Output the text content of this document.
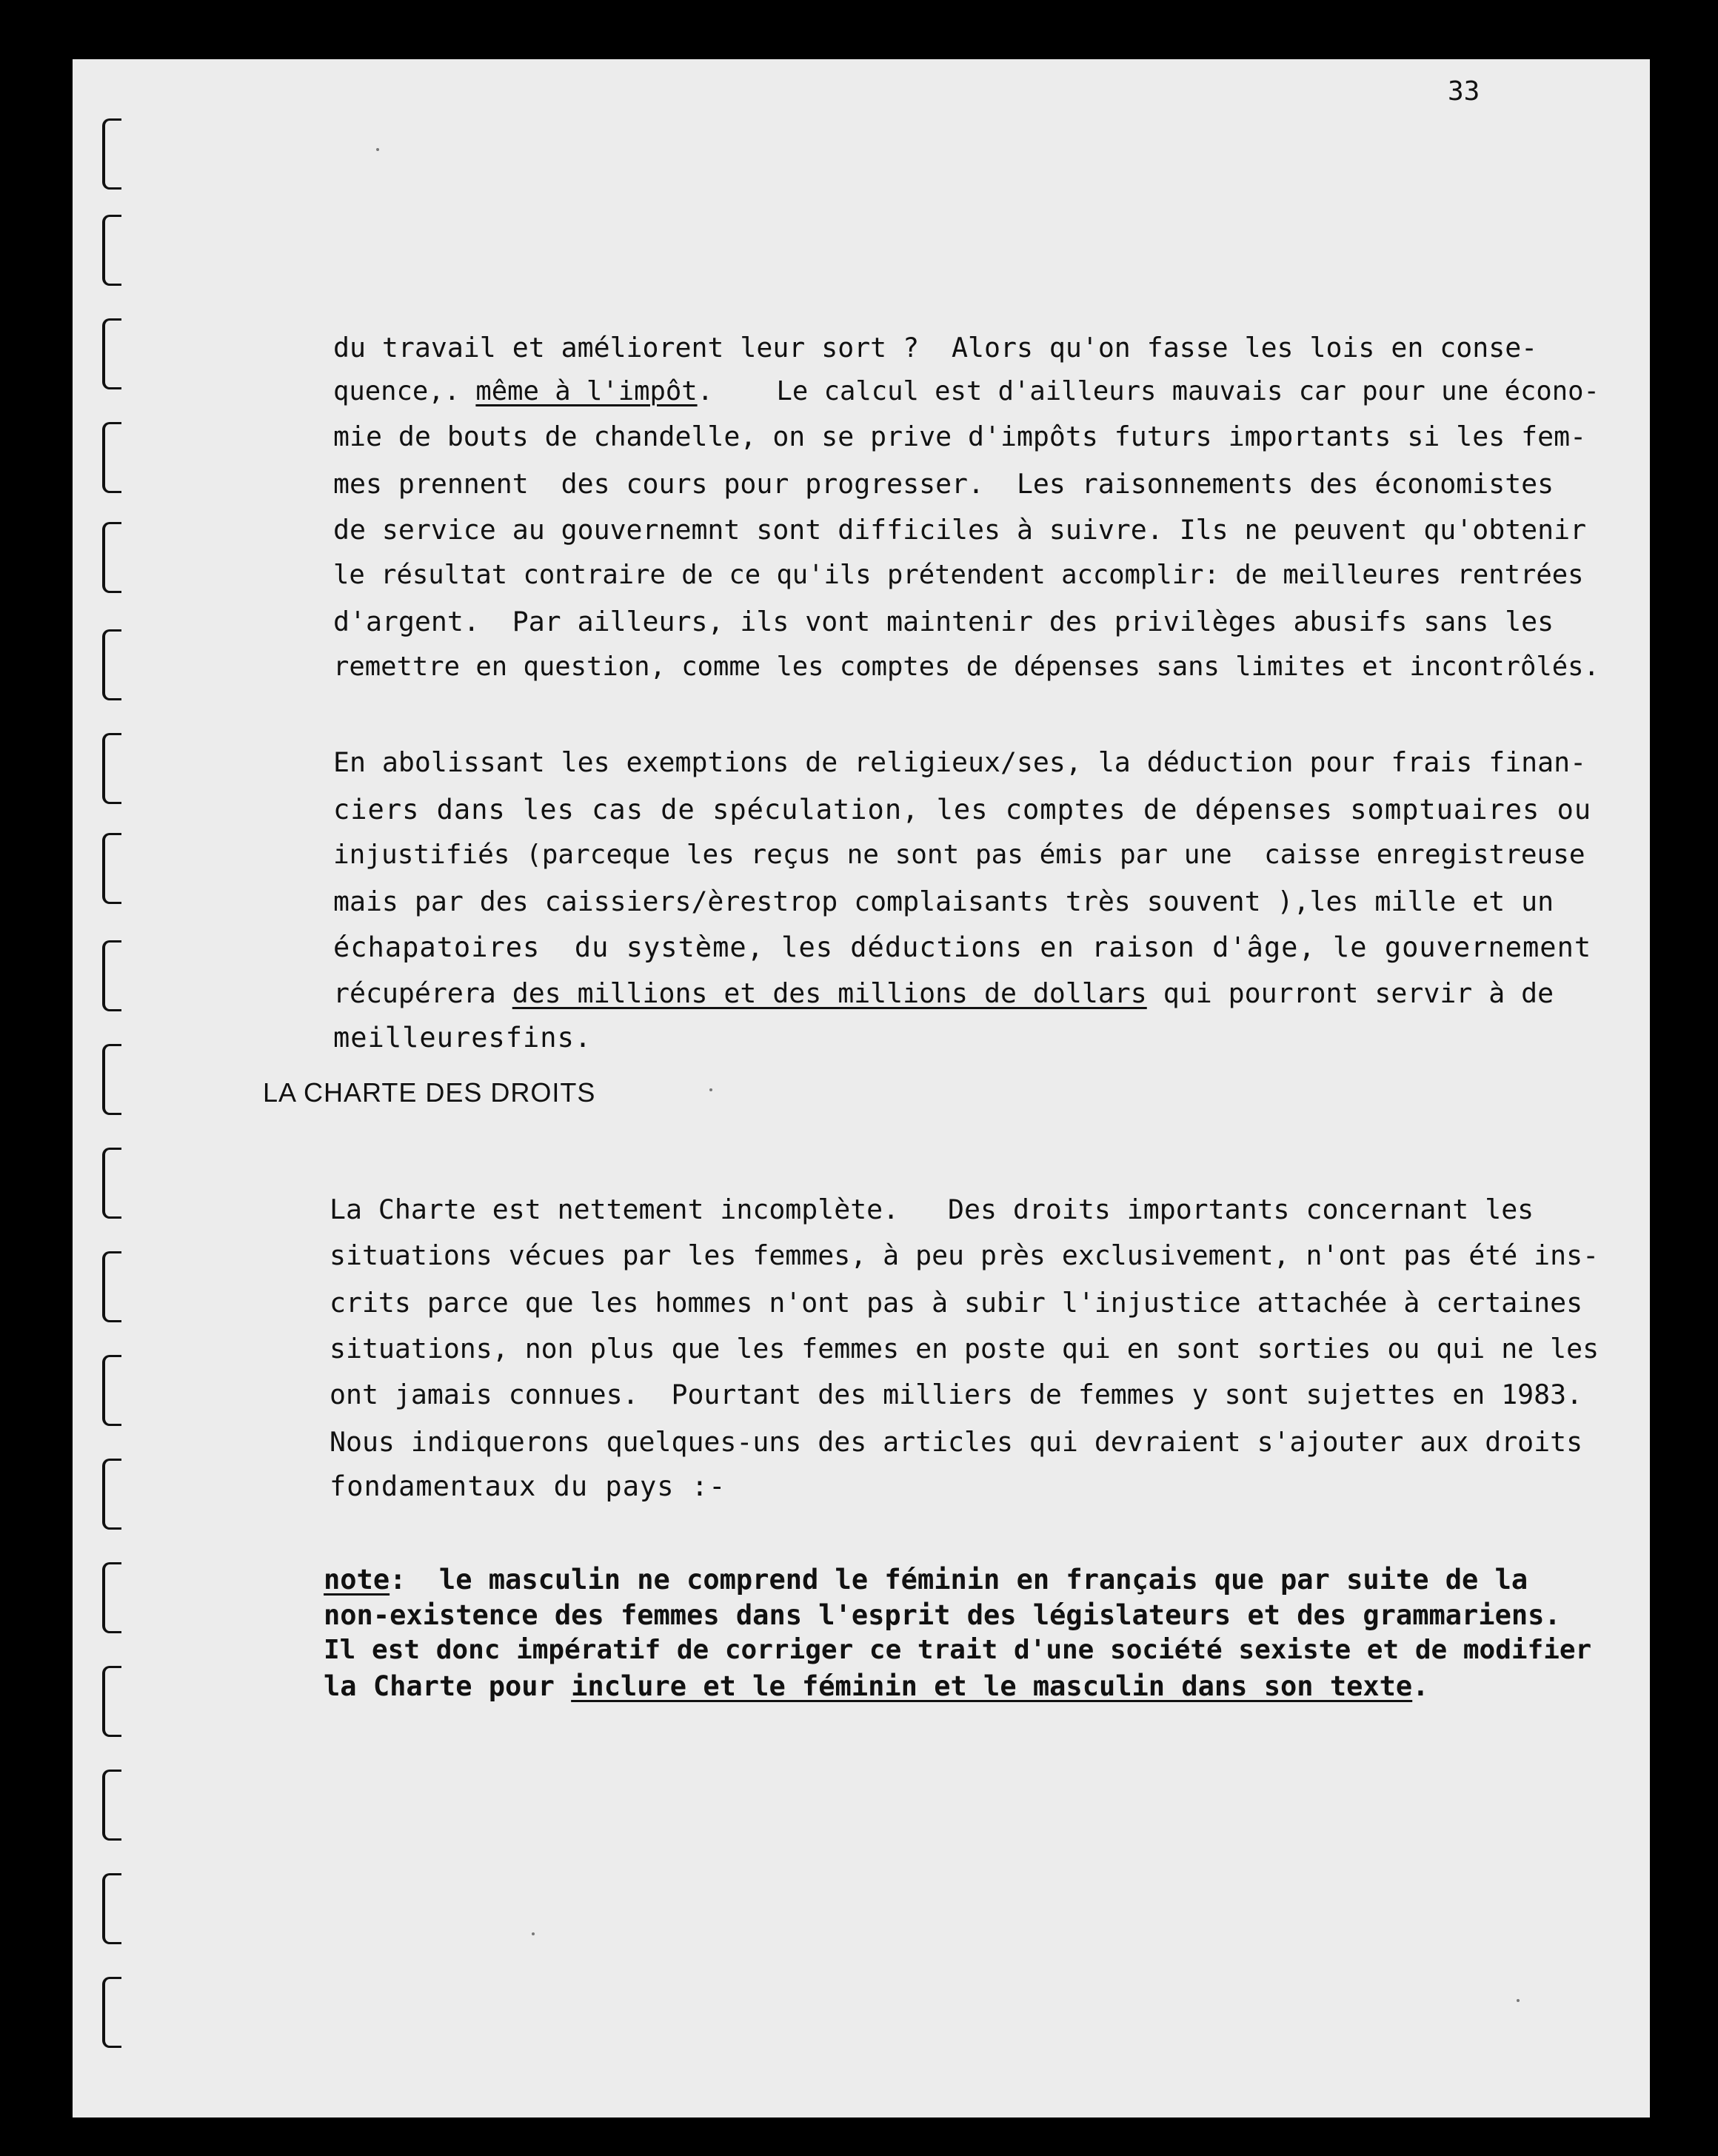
33
du travail et améliorent leur sort ?  Alors qu'on fasse les lois en conse-
quence,. même à l'impôt.    Le calcul est d'ailleurs mauvais car pour une écono-
mie de bouts de chandelle, on se prive d'impôts futurs importants si les fem-
mes prennent  des cours pour progresser.  Les raisonnements des économistes
de service au gouvernemnt sont difficiles à suivre. Ils ne peuvent qu'obtenir
le résultat contraire de ce qu'ils prétendent accomplir: de meilleures rentrées
d'argent.  Par ailleurs, ils vont maintenir des privilèges abusifs sans les
remettre en question, comme les comptes de dépenses sans limites et incontrôlés.
En abolissant les exemptions de religieux/ses, la déduction pour frais finan-
ciers dans les cas de spéculation, les comptes de dépenses somptuaires ou
injustifiés (parceque les reçus ne sont pas émis par une  caisse enregistreuse
mais par des caissiers/èrestrop complaisants très souvent ),les mille et un
échapatoires  du système, les déductions en raison d'âge, le gouvernement
récupérera des millions et des millions de dollars qui pourront servir à de
meilleuresfins.
LA CHARTE DES DROITS
La Charte est nettement incomplète.   Des droits importants concernant les
situations vécues par les femmes, à peu près exclusivement, n'ont pas été ins-
crits parce que les hommes n'ont pas à subir l'injustice attachée à certaines
situations, non plus que les femmes en poste qui en sont sorties ou qui ne les
ont jamais connues.  Pourtant des milliers de femmes y sont sujettes en 1983.
Nous indiquerons quelques-uns des articles qui devraient s'ajouter aux droits
fondamentaux du pays :-
note:  le masculin ne comprend le féminin en français que par suite de la
non-existence des femmes dans l'esprit des législateurs et des grammariens.
Il est donc impératif de corriger ce trait d'une société sexiste et de modifier
la Charte pour inclure et le féminin et le masculin dans son texte.
